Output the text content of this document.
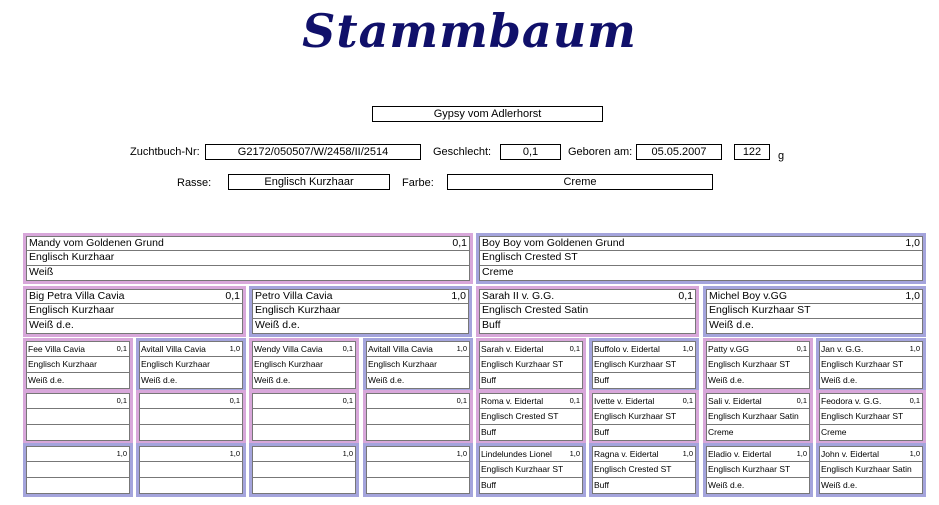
Stammbaum
Gypsy vom Adlerhorst
Zuchtbuch-Nr:	G2172/050507/W/2458/II/2514	Geschlecht:	0,1	Geboren am:	05.05.2007	122	g
Rasse:	Englisch Kurzhaar	Farbe:	Creme
Mandy vom Goldenen Grund	0,1
Englisch Kurzhaar
Weiß
Boy Boy vom Goldenen Grund	1,0
Englisch Crested ST
Creme
Big Petra Villa Cavia	0,1
Englisch Kurzhaar
Weiß d.e.
Petro Villa Cavia	1,0
Englisch Kurzhaar
Weiß d.e.
Sarah II v. G.G.	0,1
Englisch Crested Satin
Buff
Michel Boy v.GG	1,0
Englisch Kurzhaar ST
Weiß d.e.
Fee Villa Cavia	0,1
Englisch Kurzhaar
Weiß d.e.
Avitall Villa Cavia	1,0
Englisch Kurzhaar
Weiß d.e.
Wendy Villa Cavia	0,1
Englisch Kurzhaar
Weiß d.e.
Avitall Villa Cavia	1,0
Englisch Kurzhaar
Weiß d.e.
Sarah v. Eidertal	0,1
Englisch Kurzhaar ST
Buff
Buffolo v. Eidertal	1,0
Englisch Kurzhaar ST
Buff
Patty v.GG	0,1
Englisch Kurzhaar ST
Weiß d.e.
Jan v. G.G.	1,0
Englisch Kurzhaar ST
Weiß d.e.
0,1	0,1	0,1	0,1 Roma v. Eidertal	0,1
Englisch Crested ST
Buff
Ivette v. Eidertal	0,1
Englisch Kurzhaar ST
Buff
Sali v. Eidertal	0,1
Englisch Kurzhaar Satin
Creme
Feodora v. G.G.	0,1
Englisch Kurzhaar ST
Creme
1,0	1,0	1,0	1,0 Lindelundes Lionel 1,0
Englisch Kurzhaar ST
Buff
Ragna v. Eidertal	1,0
Englisch Crested ST
Buff
Eladio v. Eidertal	1,0
Englisch Kurzhaar ST
Weiß d.e.
John v. Eidertal	1,0
Englisch Kurzhaar Satin
Weiß d.e.
